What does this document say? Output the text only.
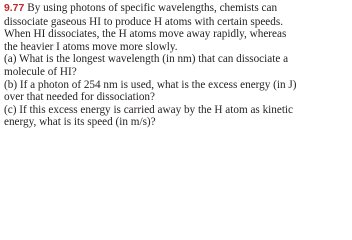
9.77 By using photons of specific wavelengths, chemists can
dissociate gaseous HI to produce H atoms with certain speeds.
When HI dissociates, the H atoms move away rapidly, whereas
the heavier I atoms move more slowly.
(a) What is the longest wavelength (in nm) that can dissociate a
molecule of HI?
(b) If a photon of 254 nm is used, what is the excess energy (in J)
over that needed for dissociation?
(c) If this excess energy is carried away by the H atom as kinetic
energy, what is its speed (in m/s)?
